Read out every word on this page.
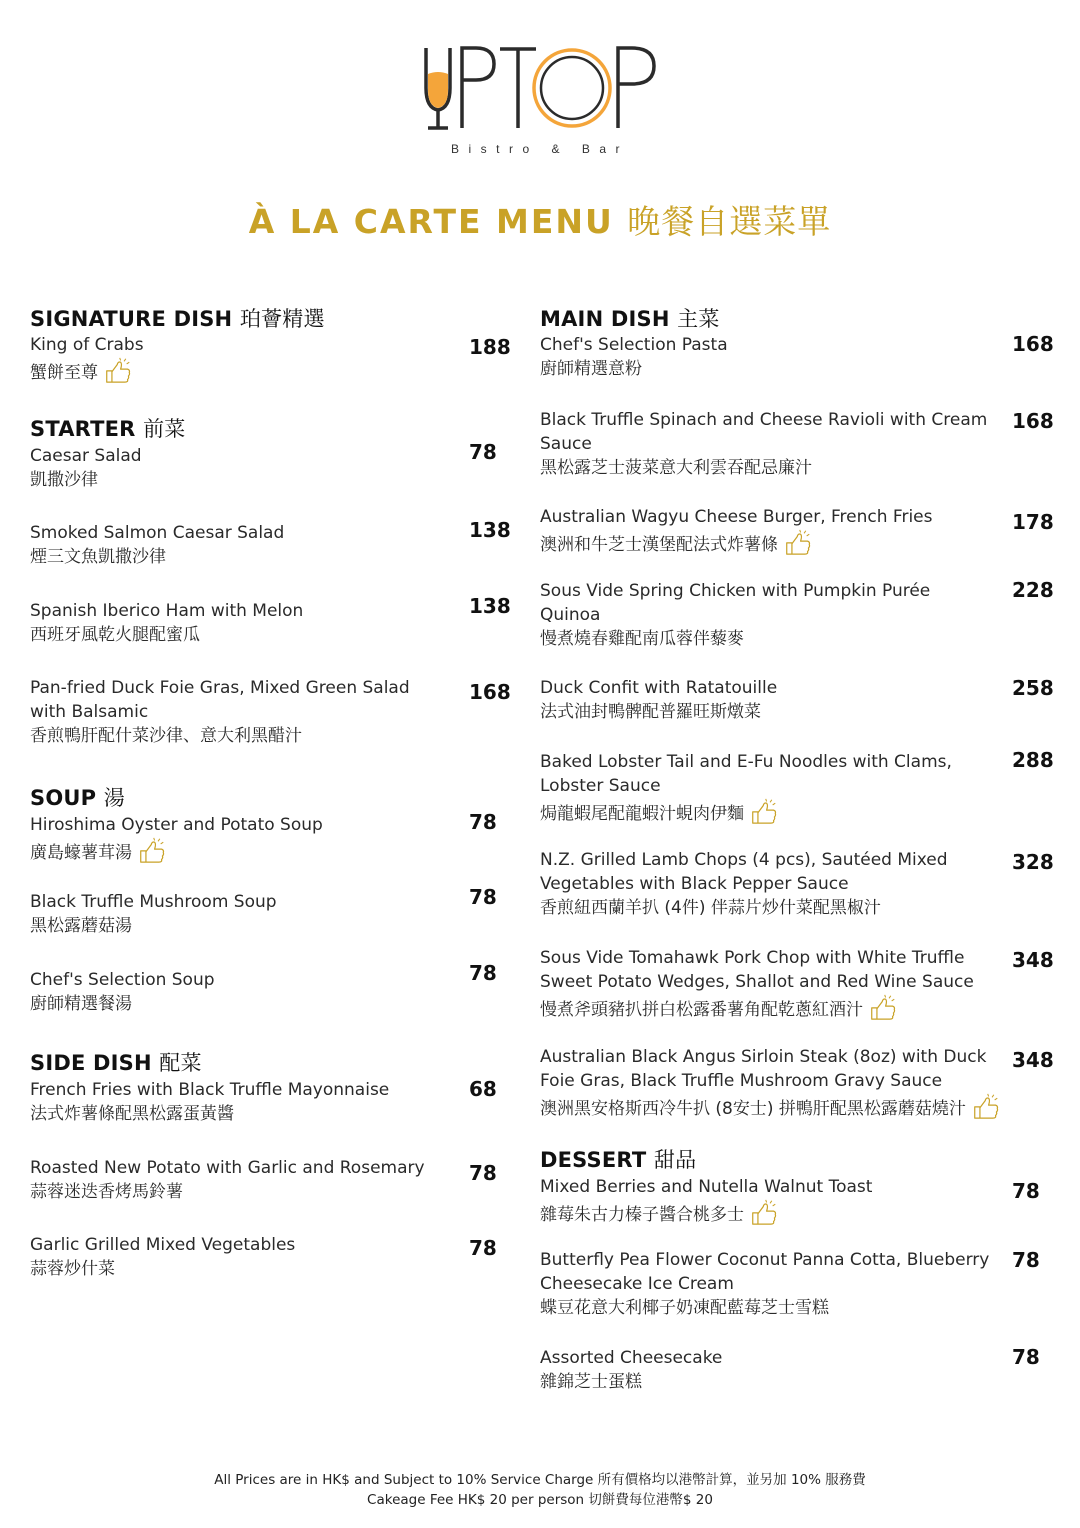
Bistro & Bar
À LA CARTE MENU 晚餐自選菜單
SIGNATURE DISH 珀薈精選
King of Crabs
蟹餅至尊
188
STARTER 前菜
Caesar Salad
凱撒沙律
78
Smoked Salmon Caesar Salad
煙三文魚凱撒沙律
138
Spanish Iberico Ham with Melon
西班牙風乾火腿配蜜瓜
138
Pan-fried Duck Foie Gras, Mixed Green Salad with Balsamic
香煎鴨肝配什菜沙律、意大利黑醋汁
168
SOUP 湯
Hiroshima Oyster and Potato Soup
廣島蠔薯茸湯
78
Black Truffle Mushroom Soup
黑松露蘑菇湯
78
Chef's Selection Soup
廚師精選餐湯
78
SIDE DISH 配菜
French Fries with Black Truffle Mayonnaise
法式炸薯條配黑松露蛋黃醬
68
Roasted New Potato with Garlic and Rosemary
蒜蓉迷迭香烤馬鈴薯
78
Garlic Grilled Mixed Vegetables
蒜蓉炒什菜
78
MAIN DISH 主菜
Chef's Selection Pasta
廚師精選意粉
168
Black Truffle Spinach and Cheese Ravioli with Cream Sauce
黑松露芝士菠菜意大利雲吞配忌廉汁
168
Australian Wagyu Cheese Burger, French Fries
澳洲和牛芝士漢堡配法式炸薯條
178
Sous Vide Spring Chicken with Pumpkin Purée Quinoa
慢煮燒春雞配南瓜蓉伴藜麥
228
Duck Confit with Ratatouille
法式油封鴨髀配普羅旺斯燉菜
258
Baked Lobster Tail and E-Fu Noodles with Clams, Lobster Sauce
焗龍蝦尾配龍蝦汁蜆肉伊麵
288
N.Z. Grilled Lamb Chops (4 pcs), Sautéed Mixed Vegetables with Black Pepper Sauce
香煎紐西蘭羊扒 (4件) 伴蒜片炒什菜配黑椒汁
328
Sous Vide Tomahawk Pork Chop with White Truffle Sweet Potato Wedges, Shallot and Red Wine Sauce
慢煮斧頭豬扒拼白松露番薯角配乾蔥紅酒汁
348
Australian Black Angus Sirloin Steak (8oz) with Duck Foie Gras, Black Truffle Mushroom Gravy Sauce
澳洲黑安格斯西冷牛扒 (8安士) 拼鴨肝配黑松露蘑菇燒汁
348
DESSERT 甜品
Mixed Berries and Nutella Walnut Toast
雜莓朱古力榛子醬合桃多士
78
Butterfly Pea Flower Coconut Panna Cotta, Blueberry Cheesecake Ice Cream
蝶豆花意大利椰子奶凍配藍莓芝士雪糕
78
Assorted Cheesecake
雜錦芝士蛋糕
78
All Prices are in HK$ and Subject to 10% Service Charge 所有價格均以港幣計算，並另加 10% 服務費
Cakeage Fee HK$ 20 per person 切餅費每位港幣$ 20
